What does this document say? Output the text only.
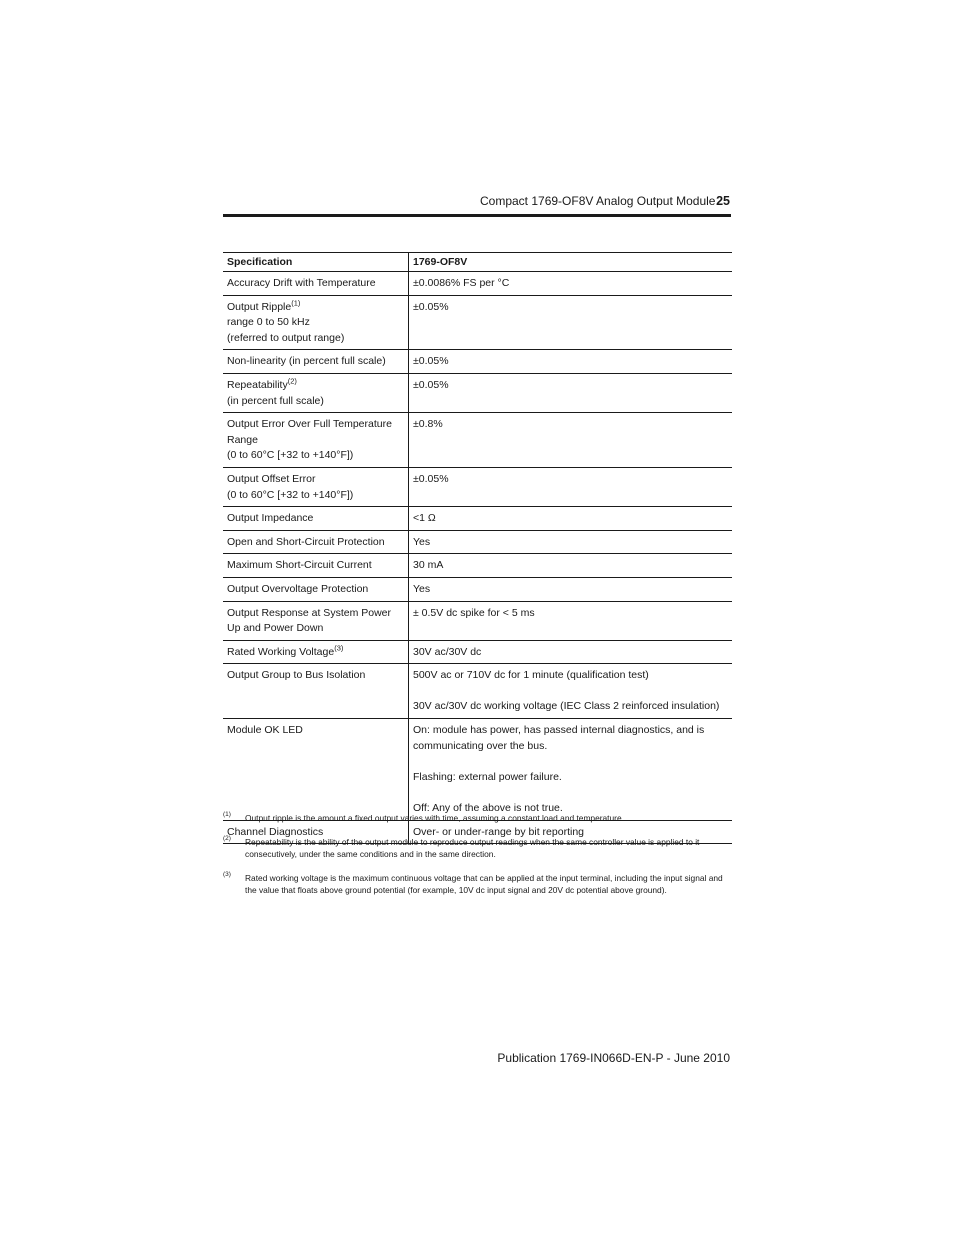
Compact 1769-OF8V Analog Output Module 25
Specification	1769-OF8V

Accuracy Drift with Temperature	±0.0086% FS per °C

Output Ripple$^{(1)}$
range 0 to 50 kHz
(referred to output range)	±0.05%

Non-linearity (in percent full scale)	±0.05%

Repeatability$^{(2)}$
(in percent full scale)	±0.05%

Output Error Over Full Temperature Range
(0 to 60°C [+32 to +140°F])	±0.8%

Output Offset Error
(0 to 60°C [+32 to +140°F])	±0.05%

Output Impedance	<1 Ω

Open and Short-Circuit Protection	Yes

Maximum Short-Circuit Current	30 mA

Output Overvoltage Protection	Yes

Output Response at System Power Up and Power Down	± 0.5V dc spike for < 5 ms

Rated Working Voltage$^{(3)}$	30V ac/30V dc

Output Group to Bus Isolation	500V ac or 710V dc for 1 minute (qualification test)
30V ac/30V dc working voltage (IEC Class 2 reinforced insulation)

Module OK LED	On: module has power, has passed internal diagnostics, and is communicating over the bus.
Flashing: external power failure.
Off: Any of the above is not true.

Channel Diagnostics	Over- or under-range by bit reporting
(1) Output ripple is the amount a fixed output varies with time, assuming a constant load and temperature.
(2) Repeatability is the ability of the output module to reproduce output readings when the same controller value is applied to it consecutively, under the same conditions and in the same direction.
(3) Rated working voltage is the maximum continuous voltage that can be applied at the input terminal, including the input signal and the value that floats above ground potential (for example, 10V dc input signal and 20V dc potential above ground).
Publication 1769-IN066D-EN-P - June 2010
